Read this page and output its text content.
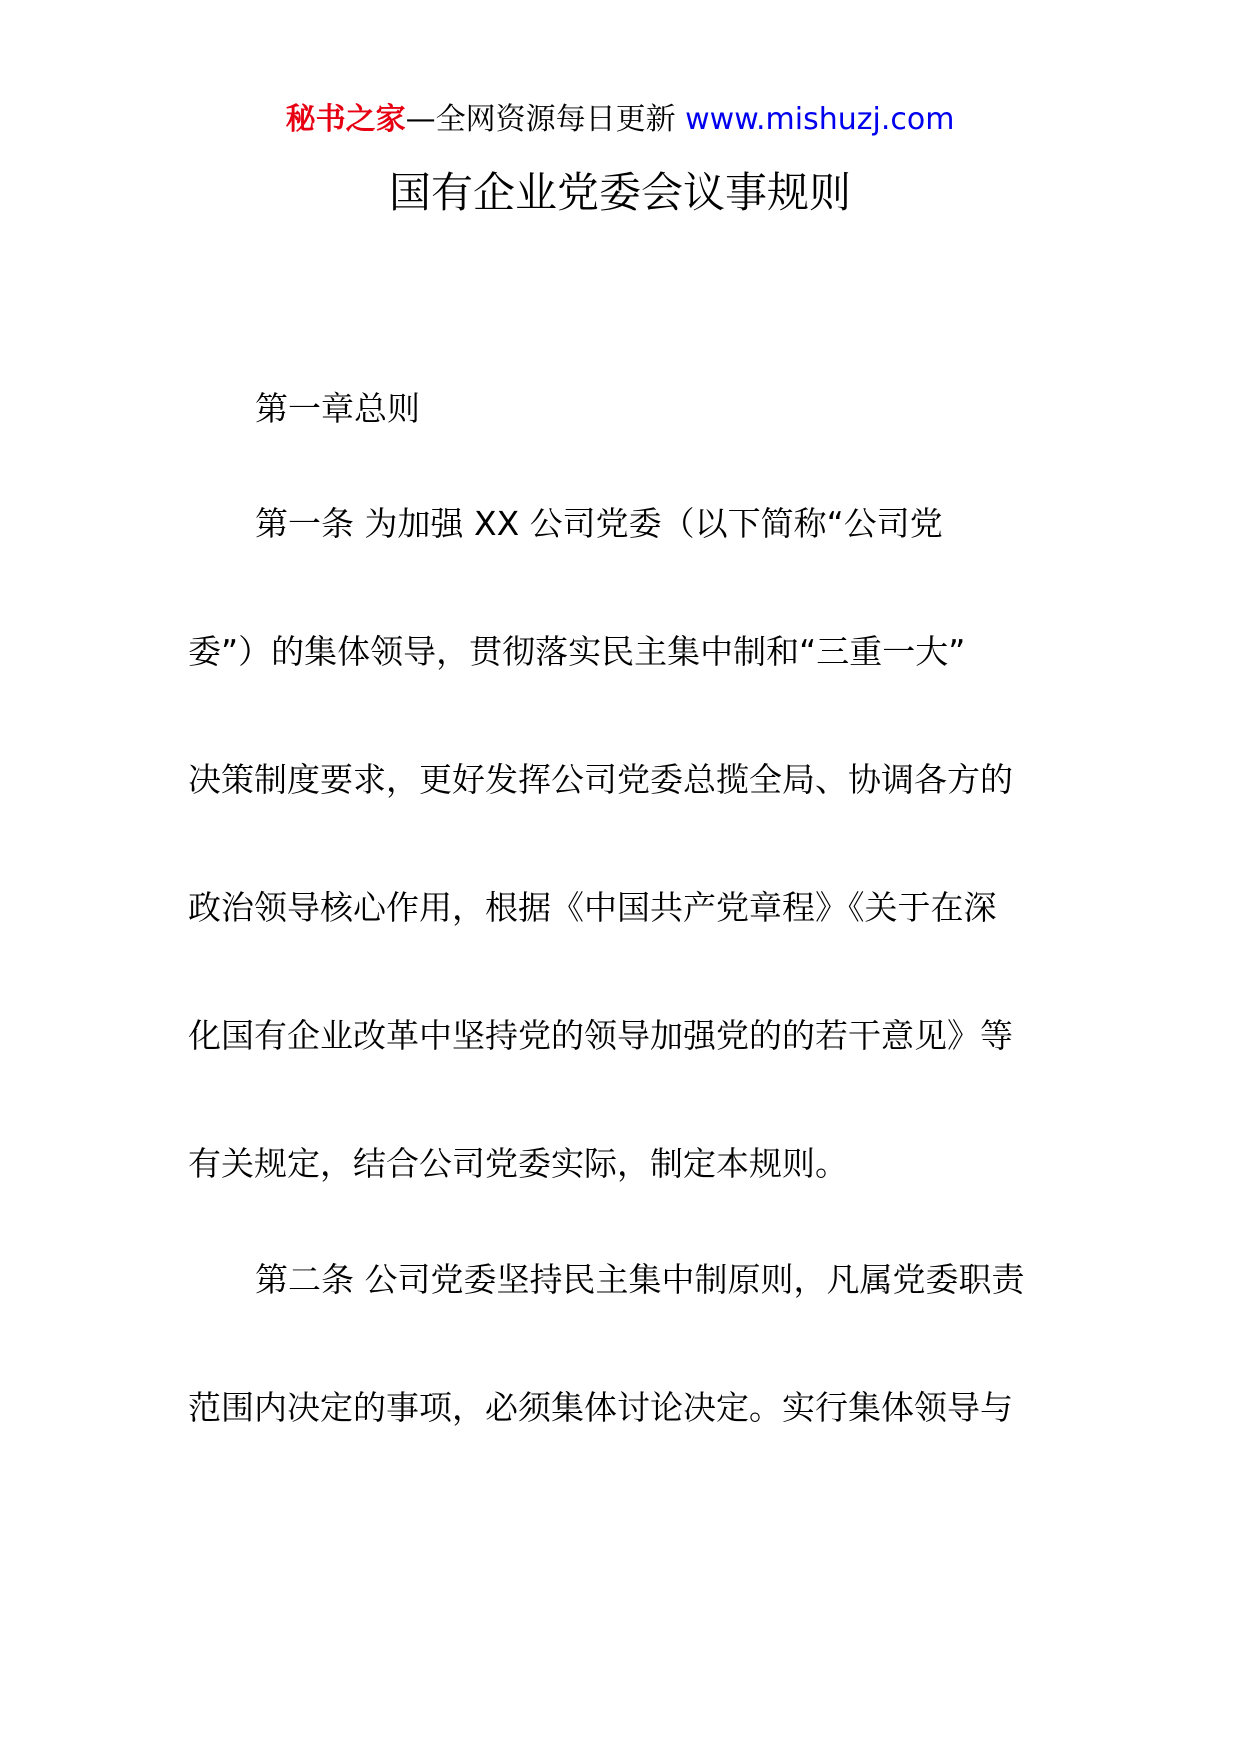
秘书之家—全网资源每日更新 www.mishuzj.com
国有企业党委会议事规则

第一章总则

第一条 为加强 XX 公司党委（以下简称“公司党

委”）的集体领导，贯彻落实民主集中制和“三重一大”

决策制度要求，更好发挥公司党委总揽全局、协调各方的

政治领导核心作用，根据《中国共产党章程》《关于在深

化国有企业改革中坚持党的领导加强党的的若干意见》等

有关规定，结合公司党委实际，制定本规则。

第二条 公司党委坚持民主集中制原则，凡属党委职责

范围内决定的事项，必须集体讨论决定。实行集体领导与
